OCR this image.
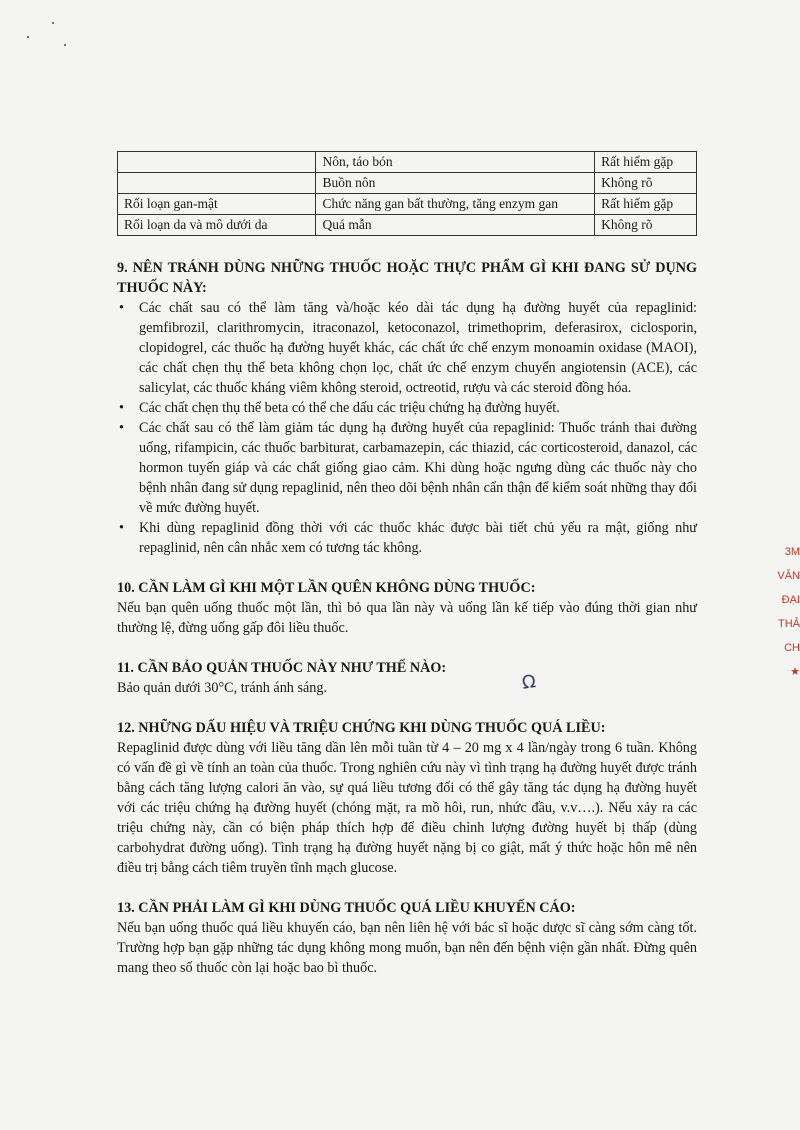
	Nôn, táo bón	Rất hiếm gặp
	Buồn nôn	Không rõ
Rối loạn gan-mật	Chức năng gan bất thường, tăng enzym gan	Rất hiếm gặp
Rối loạn da và mô dưới da	Quá mẫn	Không rõ

9. NÊN TRÁNH DÙNG NHỮNG THUỐC HOẶC THỰC PHẨM GÌ KHI ĐANG SỬ DỤNG THUỐC NÀY:

• Các chất sau có thể làm tăng và/hoặc kéo dài tác dụng hạ đường huyết của repaglinid: gemfibrozil, clarithromycin, itraconazol, ketoconazol, trimethoprim, deferasirox, ciclosporin, clopidogrel, các thuốc hạ đường huyết khác, các chất ức chế enzym monoamin oxidase (MAOI), các chất chẹn thụ thể beta không chọn lọc, chất ức chế enzym chuyển angiotensin (ACE), các salicylat, các thuốc kháng viêm không steroid, octreotid, rượu và các steroid đồng hóa.
• Các chất chẹn thụ thể beta có thể che dấu các triệu chứng hạ đường huyết.
• Các chất sau có thể làm giảm tác dụng hạ đường huyết của repaglinid: Thuốc tránh thai đường uống, rifampicin, các thuốc barbiturat, carbamazepin, các thiazid, các corticosteroid, danazol, các hormon tuyến giáp và các chất giống giao cảm. Khi dùng hoặc ngưng dùng các thuốc này cho bệnh nhân đang sử dụng repaglinid, nên theo dõi bệnh nhân cẩn thận để kiểm soát những thay đổi về mức đường huyết.
• Khi dùng repaglinid đồng thời với các thuốc khác được bài tiết chủ yếu ra mật, giống như repaglinid, nên cân nhắc xem có tương tác không.

10. CẦN LÀM GÌ KHI MỘT LẦN QUÊN KHÔNG DÙNG THUỐC:

Nếu bạn quên uống thuốc một lần, thì bỏ qua lần này và uống lần kế tiếp vào đúng thời gian như thường lệ, đừng uống gấp đôi liều thuốc.

11. CẦN BẢO QUẢN THUỐC NÀY NHƯ THẾ NÀO:

Bảo quản dưới 30°C, tránh ánh sáng.

12. NHỮNG DẤU HIỆU VÀ TRIỆU CHỨNG KHI DÙNG THUỐC QUÁ LIỀU:

Repaglinid được dùng với liều tăng dần lên mỗi tuần từ 4 – 20 mg x 4 lần/ngày trong 6 tuần. Không có vấn đề gì về tính an toàn của thuốc. Trong nghiên cứu này vì tình trạng hạ đường huyết được tránh bằng cách tăng lượng calori ăn vào, sự quá liều tương đối có thể gây tăng tác dụng hạ đường huyết với các triệu chứng hạ đường huyết (chóng mặt, ra mồ hôi, run, nhức đầu, v.v….). Nếu xảy ra các triệu chứng này, cần có biện pháp thích hợp để điều chỉnh lượng đường huyết bị thấp (dùng carbohydrat đường uống). Tình trạng hạ đường huyết nặng bị co giật, mất ý thức hoặc hôn mê nên điều trị bằng cách tiêm truyền tĩnh mạch glucose.

13. CẦN PHẢI LÀM GÌ KHI DÙNG THUỐC QUÁ LIỀU KHUYẾN CÁO:

Nếu bạn uống thuốc quá liều khuyến cáo, bạn nên liên hệ với bác sĩ hoặc dược sĩ càng sớm càng tốt. Trường hợp bạn gặp những tác dụng không mong muốn, bạn nên đến bệnh viện gần nhất. Đừng quên mang theo số thuốc còn lại hoặc bao bì thuốc.

Ω
3M
VĂN
ĐẠI
THẢ
CH
★
